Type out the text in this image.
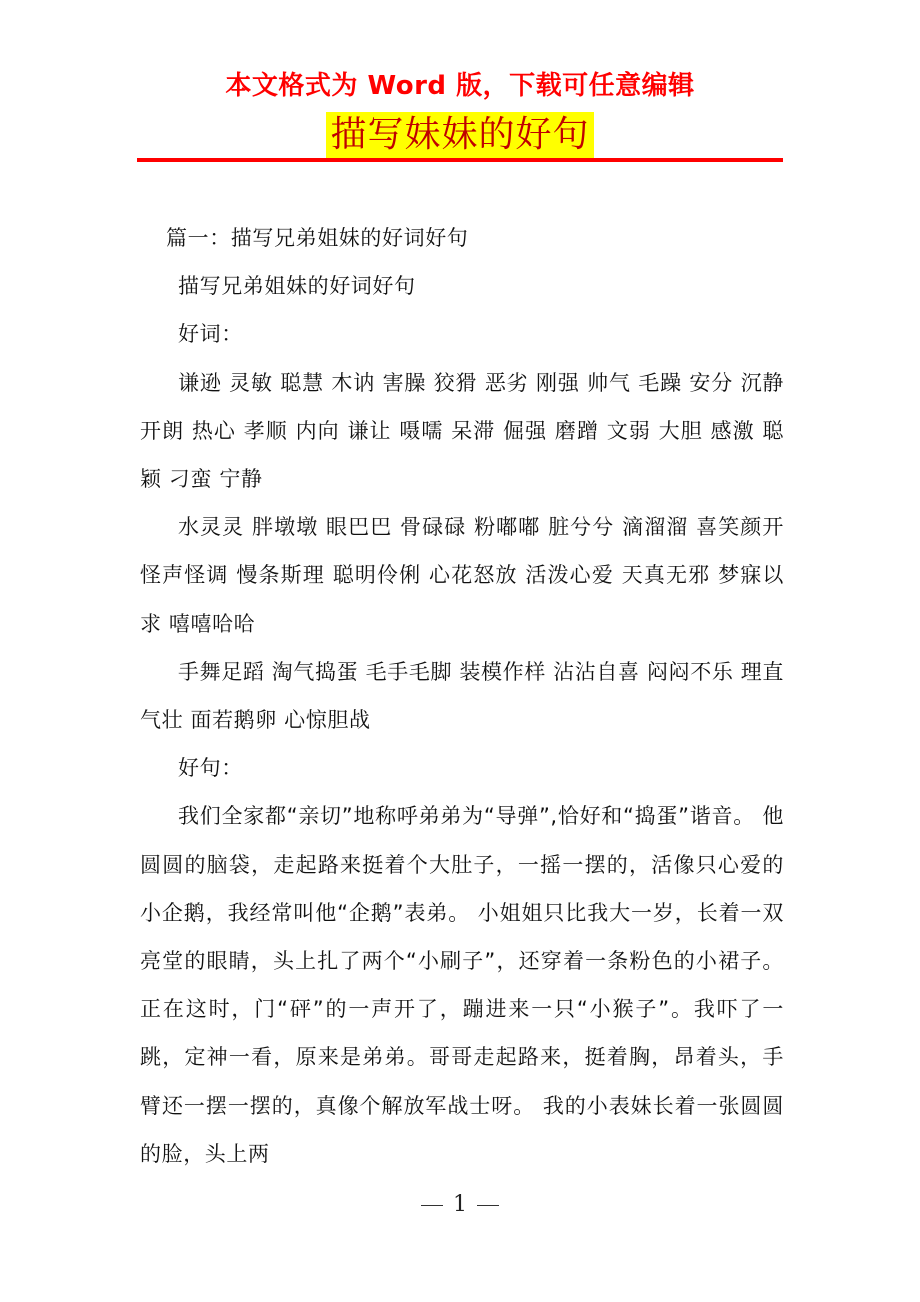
本文格式为 Word 版，下载可任意编辑
描写妹妹的好句

篇一：描写兄弟姐妹的好词好句

描写兄弟姐妹的好词好句

好词：

谦逊 灵敏 聪慧 木讷 害臊 狡猾 恶劣 刚强 帅气 毛躁 安分 沉静 开朗 热心 孝顺 内向 谦让 嗫嚅 呆滞 倔强 磨蹭 文弱 大胆 感激 聪颖 刁蛮 宁静

水灵灵 胖墩墩 眼巴巴 骨碌碌 粉嘟嘟 脏兮兮 滴溜溜 喜笑颜开 怪声怪调 慢条斯理 聪明伶俐 心花怒放 活泼心爱 天真无邪 梦寐以求 嘻嘻哈哈

手舞足蹈 淘气捣蛋 毛手毛脚 装模作样 沾沾自喜 闷闷不乐 理直气壮 面若鹅卵 心惊胆战

好句：

我们全家都“亲切”地称呼弟弟为“导弹”,恰好和“捣蛋”谐音。 他圆圆的脑袋，走起路来挺着个大肚子，一摇一摆的，活像只心爱的小企鹅，我经常叫他“企鹅”表弟。 小姐姐只比我大一岁，长着一双亮堂的眼睛，头上扎了两个“小刷子”，还穿着一条粉色的小裙子。 正在这时，门“砰”的一声开了，蹦进来一只“小猴子”。我吓了一跳，定神一看，原来是弟弟。哥哥走起路来，挺着胸，昂着头，手臂还一摆一摆的，真像个解放军战士呀。 我的小表妹长着一张圆圆的脸，头上两

1
